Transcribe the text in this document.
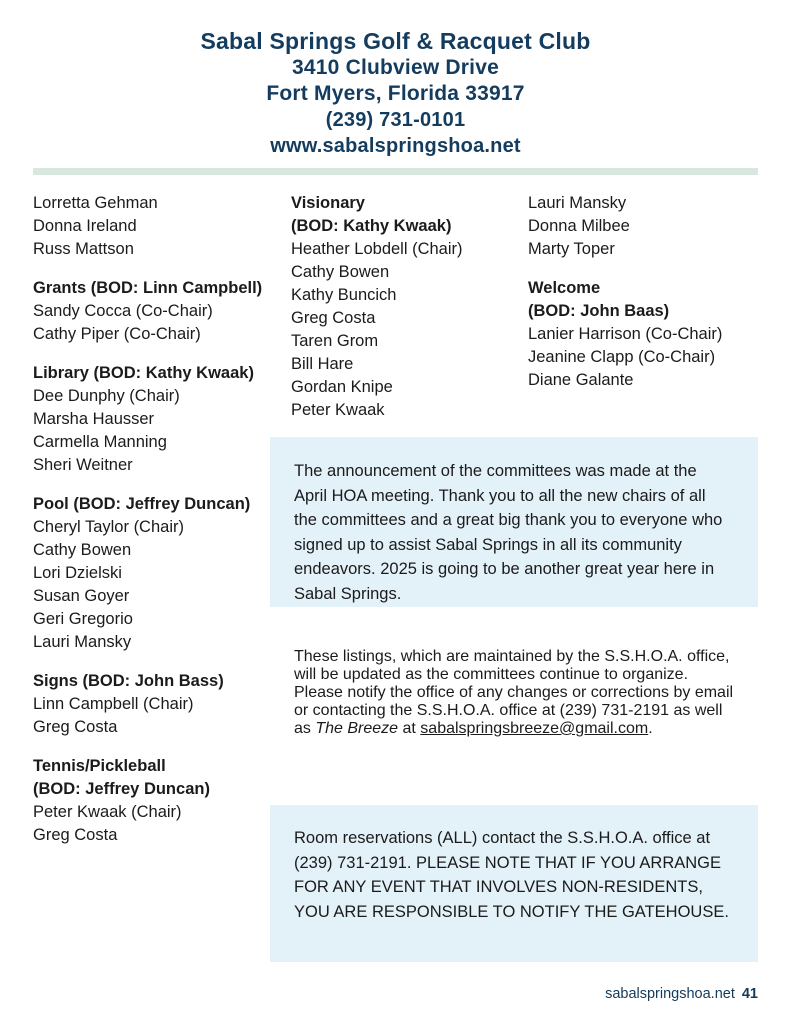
Sabal Springs Golf & Racquet Club
3410 Clubview Drive
Fort Myers, Florida 33917
(239) 731-0101
www.sabalspringshoa.net
Lorretta Gehman
Donna Ireland
Russ Mattson
Grants (BOD: Linn Campbell)
Sandy Cocca (Co-Chair)
Cathy Piper (Co-Chair)
Library (BOD: Kathy Kwaak)
Dee Dunphy (Chair)
Marsha Hausser
Carmella Manning
Sheri Weitner
Pool (BOD: Jeffrey Duncan)
Cheryl Taylor (Chair)
Cathy Bowen
Lori Dzielski
Susan Goyer
Geri Gregorio
Lauri Mansky
Signs (BOD: John Bass)
Linn Campbell (Chair)
Greg Costa
Tennis/Pickleball
(BOD: Jeffrey Duncan)
Peter Kwaak (Chair)
Greg Costa
Visionary
(BOD: Kathy Kwaak)
Heather Lobdell (Chair)
Cathy Bowen
Kathy Buncich
Greg Costa
Taren Grom
Bill Hare
Gordan Knipe
Peter Kwaak
Lauri Mansky
Donna Milbee
Marty Toper
Welcome
(BOD: John Baas)
Lanier Harrison (Co-Chair)
Jeanine Clapp (Co-Chair)
Diane Galante

The announcement of the committees was made at the April HOA meeting. Thank you to all the new chairs of all the committees and a great big thank you to everyone who signed up to assist Sabal Springs in all its community endeavors. 2025 is going to be another great year here in Sabal Springs.

These listings, which are maintained by the S.S.H.O.A. office, will be updated as the committees continue to organize. Please notify the office of any changes or corrections by email or contacting the S.S.H.O.A. office at (239) 731-2191 as well as The Breeze at sabalspringsbreeze@gmail.com.

Room reservations (ALL) contact the S.S.H.O.A. office at (239) 731-2191. PLEASE NOTE THAT IF YOU ARRANGE FOR ANY EVENT THAT INVOLVES NON-RESIDENTS, YOU ARE RESPONSIBLE TO NOTIFY THE GATEHOUSE.

sabalspringshoa.net 41
